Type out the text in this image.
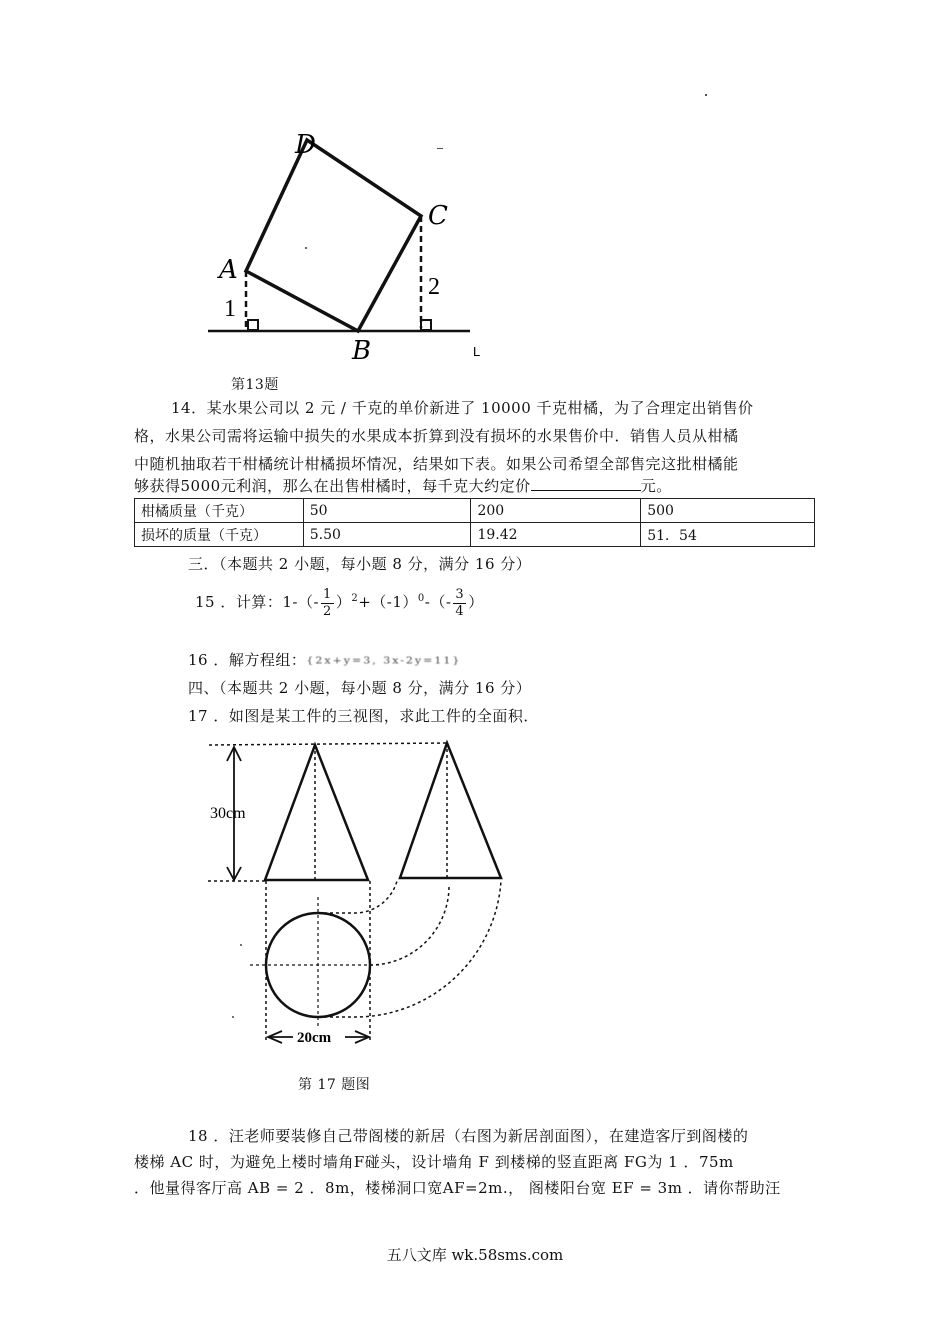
D
C
A
B
1
2
L
第13题
14．某水果公司以 2 元 / 千克的单价新进了 10000 千克柑橘，为了合理定出销售价
格，水果公司需将运输中损失的水果成本折算到没有损坏的水果售价中．销售人员从柑橘
中随机抽取若干柑橘统计柑橘损坏情况，结果如下表。如果公司希望全部售完这批柑橘能
够获得5000元利润，那么在出售柑橘时，每千克大约定价	元。
柑橘质量（千克）	50	200	500
损坏的质量（千克）	5.50	19.42	51．54
三．（本题共 2 小题，每小题 8 分，满分 16 分）
15 ．计算：$1-(- \frac{1}{2} )^2+(-1)^0-(- \frac{3}{4}$ ）
16 ．解方程组：{2x+y=3, 3x-2y=11}
四、（本题共 2 小题，每小题 8 分，满分 16 分）
17 ．如图是某工件的三视图，求此工件的全面积．
30cm
20cm
第 17 题图
18 ．汪老师要装修自己带阁楼的新居（右图为新居剖面图），在建造客厅到阁楼的
楼梯 AC 时，为避免上楼时墙角F碰头，设计墙角 F 到楼梯的竖直距离 FG为 1 ．75m
．他量得客厅高 AB = 2 ．8m，楼梯洞口宽AF=2m.， 阁楼阳台宽 EF = 3m ．请你帮助汪
五八文库 wk.58sms.com
